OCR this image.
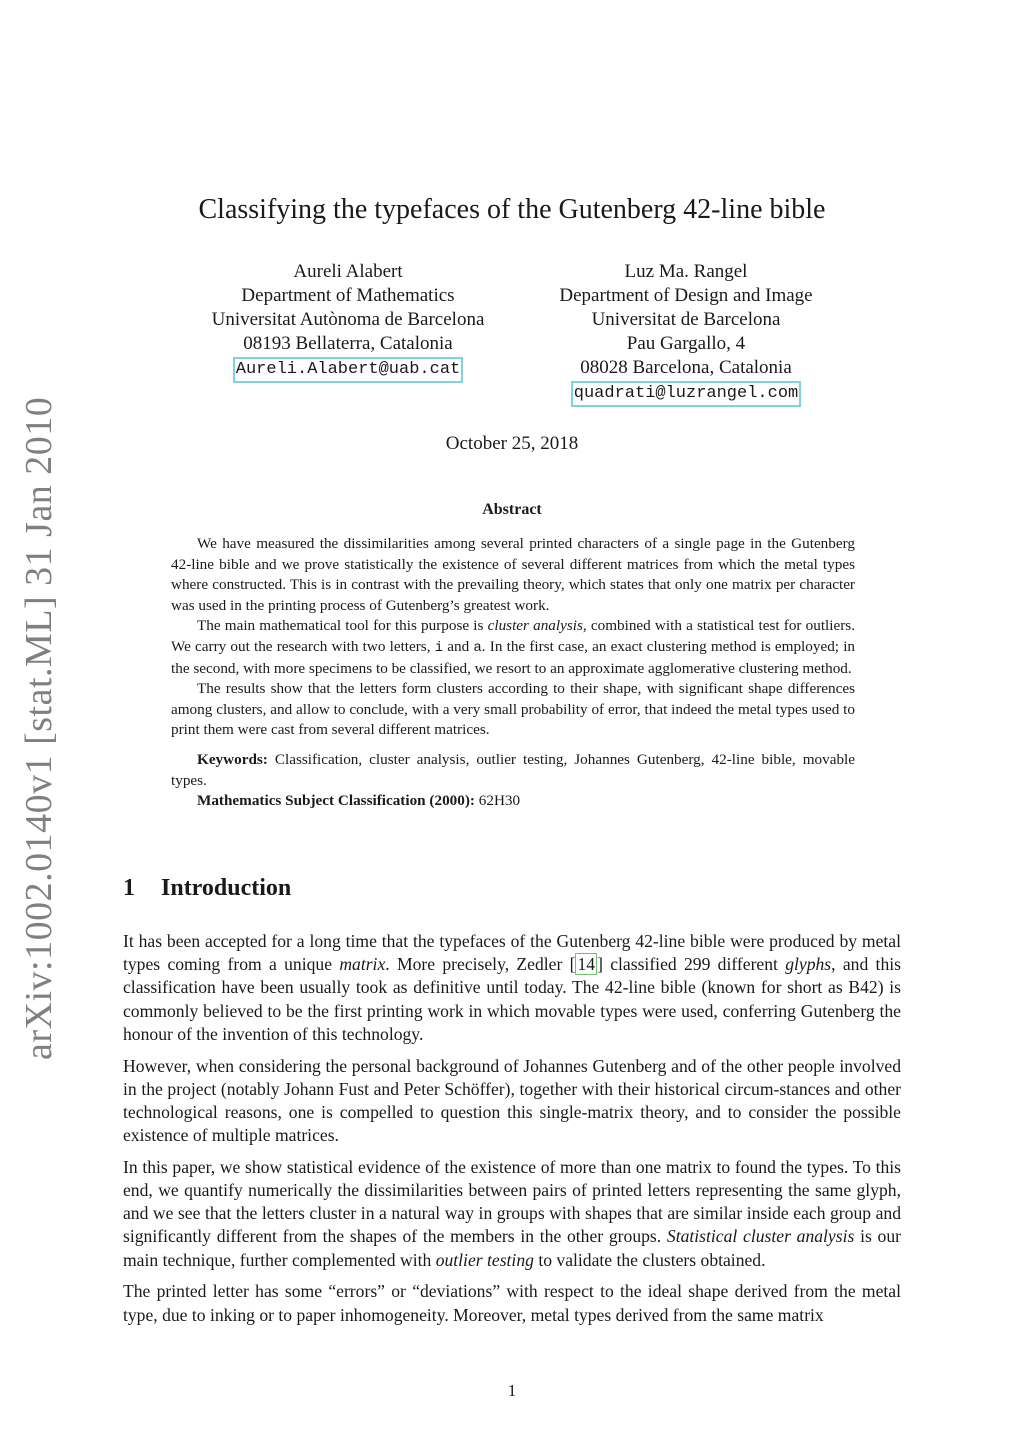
arXiv:1002.0140v1 [stat.ML] 31 Jan 2010
Classifying the typefaces of the Gutenberg 42-line bible
Aureli Alabert
Department of Mathematics
Universitat Autònoma de Barcelona
08193 Bellaterra, Catalonia
Aureli.Alabert@uab.cat
Luz Ma. Rangel
Department of Design and Image
Universitat de Barcelona
Pau Gargallo, 4
08028 Barcelona, Catalonia
quadrati@luzrangel.com
October 25, 2018
Abstract

We have measured the dissimilarities among several printed characters of a single page in the Gutenberg 42-line bible and we prove statistically the existence of several different matrices from which the metal types where constructed. This is in contrast with the prevailing theory, which states that only one matrix per character was used in the printing process of Gutenberg’s greatest work.

The main mathematical tool for this purpose is cluster analysis, combined with a statistical test for outliers. We carry out the research with two letters, i and a. In the first case, an exact clustering method is employed; in the second, with more specimens to be classified, we resort to an approximate agglomerative clustering method.

The results show that the letters form clusters according to their shape, with significant shape differences among clusters, and allow to conclude, with a very small probability of error, that indeed the metal types used to print them were cast from several different matrices.

Keywords: Classification, cluster analysis, outlier testing, Johannes Gutenberg, 42-line bible, movable types.

Mathematics Subject Classification (2000): 62H30

1 Introduction

It has been accepted for a long time that the typefaces of the Gutenberg 42-line bible were produced by metal types coming from a unique matrix. More precisely, Zedler [ 14 ] classified 299 different glyphs, and this classification have been usually took as definitive until today. The 42-line bible (known for short as B42) is commonly believed to be the first printing work in which movable types were used, conferring Gutenberg the honour of the invention of this technology.

However, when considering the personal background of Johannes Gutenberg and of the other people involved in the project (notably Johann Fust and Peter Schöffer), together with their historical circum-stances and other technological reasons, one is compelled to question this single-matrix theory, and to consider the possible existence of multiple matrices.

In this paper, we show statistical evidence of the existence of more than one matrix to found the types. To this end, we quantify numerically the dissimilarities between pairs of printed letters representing the same glyph, and we see that the letters cluster in a natural way in groups with shapes that are similar inside each group and significantly different from the shapes of the members in the other groups. Statistical cluster analysis is our main technique, further complemented with outlier testing to validate the clusters obtained.

The printed letter has some “errors” or “deviations” with respect to the ideal shape derived from the metal type, due to inking or to paper inhomogeneity. Moreover, metal types derived from the same matrix

1
